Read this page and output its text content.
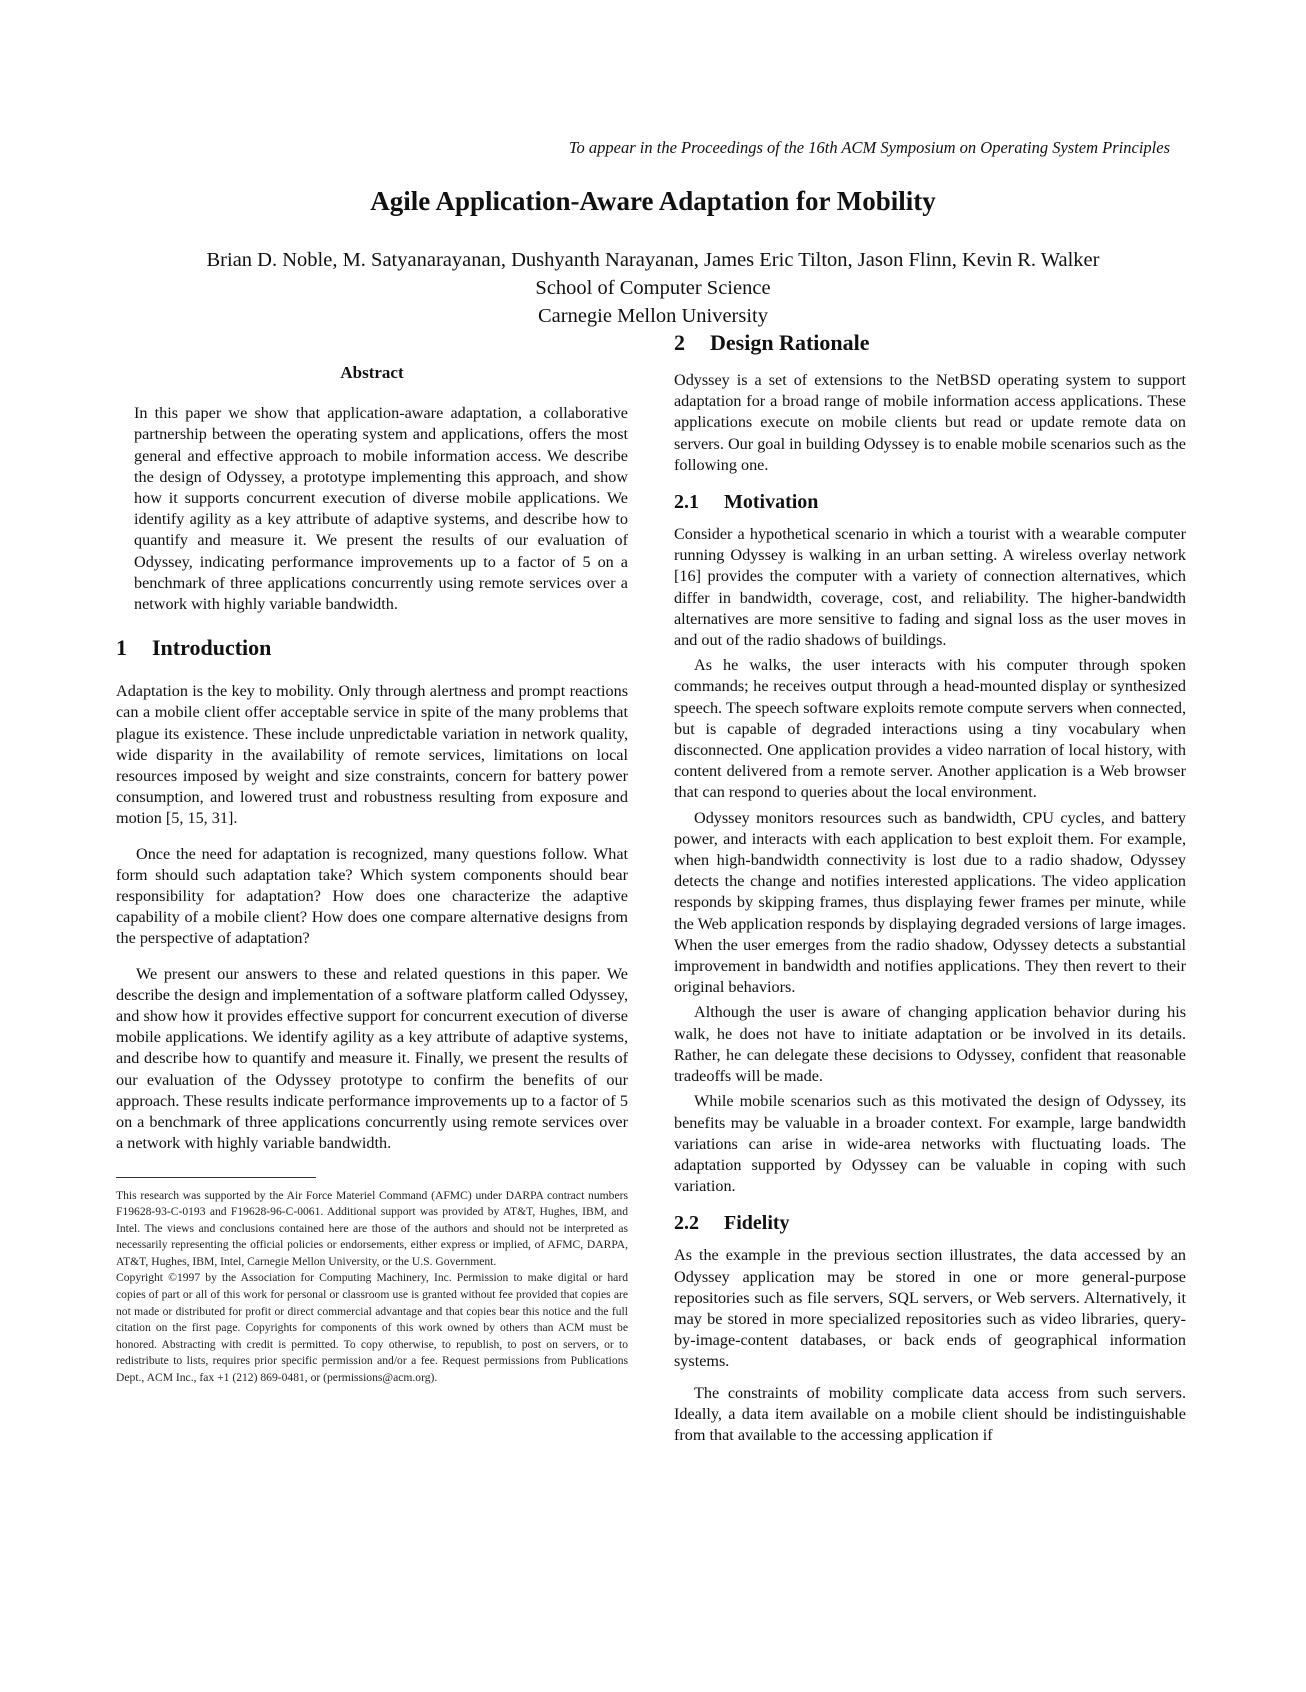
To appear in the Proceedings of the 16th ACM Symposium on Operating System Principles
Agile Application-Aware Adaptation for Mobility
Brian D. Noble, M. Satyanarayanan, Dushyanth Narayanan, James Eric Tilton, Jason Flinn, Kevin R. Walker
School of Computer Science
Carnegie Mellon University
Abstract

In this paper we show that application-aware adaptation, a collaborative partnership between the operating system and applications, offers the most general and effective approach to mobile information access. We describe the design of Odyssey, a prototype implementing this approach, and show how it supports concurrent execution of diverse mobile applications. We identify agility as a key attribute of adaptive systems, and describe how to quantify and measure it. We present the results of our evaluation of Odyssey, indicating performance improvements up to a factor of 5 on a benchmark of three applications concurrently using remote services over a network with highly variable bandwidth.

1 Introduction

Adaptation is the key to mobility. Only through alertness and prompt reactions can a mobile client offer acceptable service in spite of the many problems that plague its existence. These include unpredictable variation in network quality, wide disparity in the availability of remote services, limitations on local resources imposed by weight and size constraints, concern for battery power consumption, and lowered trust and robustness resulting from exposure and motion [5, 15, 31].

Once the need for adaptation is recognized, many questions follow. What form should such adaptation take? Which system components should bear responsibility for adaptation? How does one characterize the adaptive capability of a mobile client? How does one compare alternative designs from the perspective of adaptation?

We present our answers to these and related questions in this paper. We describe the design and implementation of a software platform called Odyssey, and show how it provides effective support for concurrent execution of diverse mobile applications. We identify agility as a key attribute of adaptive systems, and describe how to quantify and measure it. Finally, we present the results of our evaluation of the Odyssey prototype to confirm the benefits of our approach. These results indicate performance improvements up to a factor of 5 on a benchmark of three applications concurrently using remote services over a network with highly variable bandwidth.

This research was supported by the Air Force Materiel Command (AFMC) under DARPA contract numbers F19628-93-C-0193 and F19628-96-C-0061. Additional support was provided by AT&T, Hughes, IBM, and Intel. The views and conclusions contained here are those of the authors and should not be interpreted as necessarily representing the official policies or endorsements, either express or implied, of AFMC, DARPA, AT&T, Hughes, IBM, Intel, Carnegie Mellon University, or the U.S. Government.

Copyright ©1997 by the Association for Computing Machinery, Inc. Permission to make digital or hard copies of part or all of this work for personal or classroom use is granted without fee provided that copies are not made or distributed for profit or direct commercial advantage and that copies bear this notice and the full citation on the first page. Copyrights for components of this work owned by others than ACM must be honored. Abstracting with credit is permitted. To copy otherwise, to republish, to post on servers, or to redistribute to lists, requires prior specific permission and/or a fee. Request permissions from Publications Dept., ACM Inc., fax +1 (212) 869-0481, or (permissions@acm.org).

2 Design Rationale

Odyssey is a set of extensions to the NetBSD operating system to support adaptation for a broad range of mobile information access applications. These applications execute on mobile clients but read or update remote data on servers. Our goal in building Odyssey is to enable mobile scenarios such as the following one.

2.1 Motivation

Consider a hypothetical scenario in which a tourist with a wearable computer running Odyssey is walking in an urban setting. A wireless overlay network [16] provides the computer with a variety of connection alternatives, which differ in bandwidth, coverage, cost, and reliability. The higher-bandwidth alternatives are more sensitive to fading and signal loss as the user moves in and out of the radio shadows of buildings.

As he walks, the user interacts with his computer through spoken commands; he receives output through a head-mounted display or synthesized speech. The speech software exploits remote compute servers when connected, but is capable of degraded interactions using a tiny vocabulary when disconnected. One application provides a video narration of local history, with content delivered from a remote server. Another application is a Web browser that can respond to queries about the local environment.

Odyssey monitors resources such as bandwidth, CPU cycles, and battery power, and interacts with each application to best exploit them. For example, when high-bandwidth connectivity is lost due to a radio shadow, Odyssey detects the change and notifies interested applications. The video application responds by skipping frames, thus displaying fewer frames per minute, while the Web application responds by displaying degraded versions of large images. When the user emerges from the radio shadow, Odyssey detects a substantial improvement in bandwidth and notifies applications. They then revert to their original behaviors.

Although the user is aware of changing application behavior during his walk, he does not have to initiate adaptation or be involved in its details. Rather, he can delegate these decisions to Odyssey, confident that reasonable tradeoffs will be made.

While mobile scenarios such as this motivated the design of Odyssey, its benefits may be valuable in a broader context. For example, large bandwidth variations can arise in wide-area networks with fluctuating loads. The adaptation supported by Odyssey can be valuable in coping with such variation.

2.2 Fidelity

As the example in the previous section illustrates, the data accessed by an Odyssey application may be stored in one or more general-purpose repositories such as file servers, SQL servers, or Web servers. Alternatively, it may be stored in more specialized repositories such as video libraries, query-by-image-content databases, or back ends of geographical information systems.

The constraints of mobility complicate data access from such servers. Ideally, a data item available on a mobile client should be indistinguishable from that available to the accessing application if
